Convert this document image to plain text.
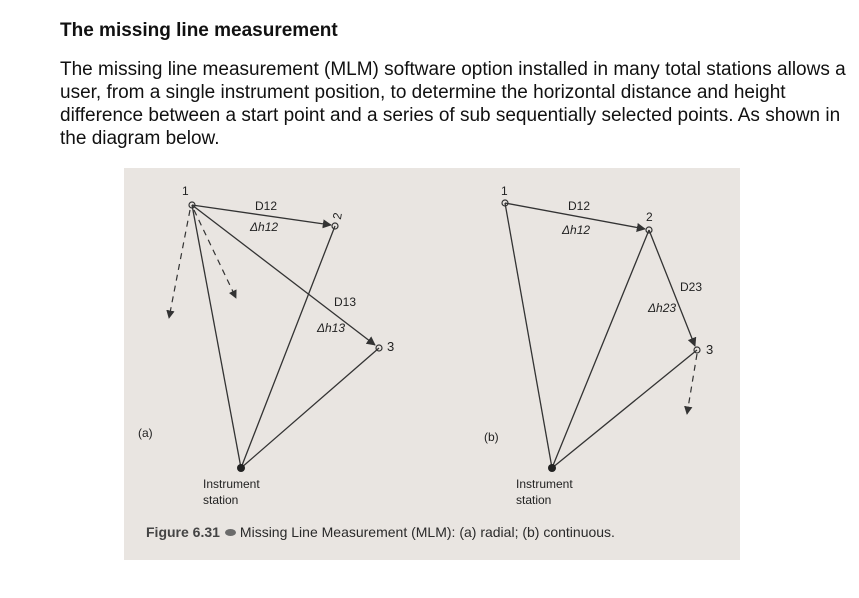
The missing line measurement

The missing line measurement (MLM) software option installed in many total stations allows a user, from a single instrument position, to determine the horizontal distance and height difference between a start point and a series of sub sequentially selected points. As shown in the diagram below.

(a)
1
2
3
D12
Δh12
D13
Δh13
Instrument
station
(b)
1
2
3
D12
Δh12
D23
Δh23
Instrument
station
Figure 6.31 Missing Line Measurement (MLM): (a) radial; (b) continuous.
